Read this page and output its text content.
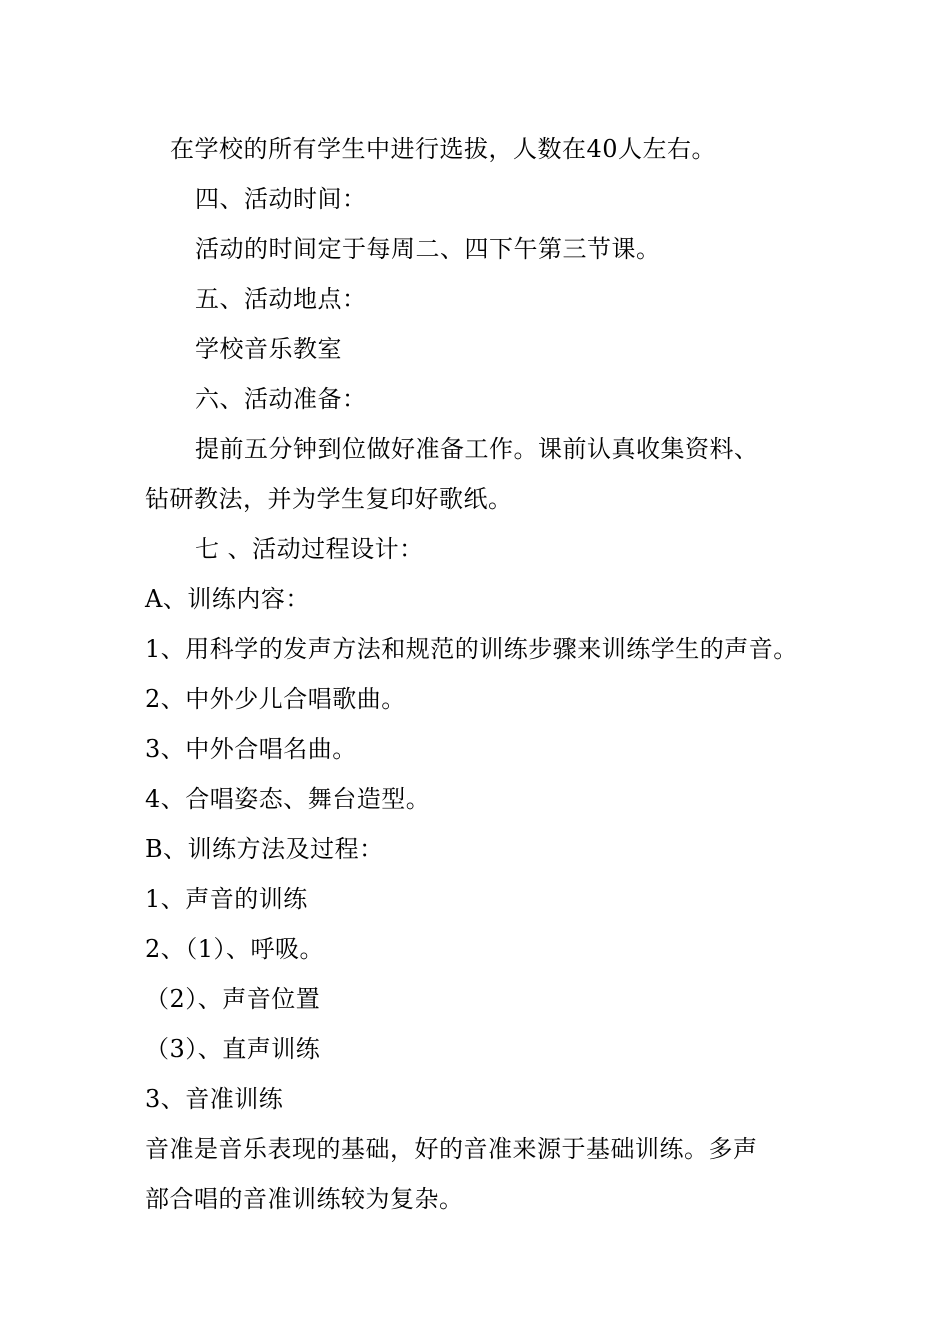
在学校的所有学生中进行选拔，人数在40人左右。
四、活动时间：
活动的时间定于每周二、四下午第三节课。
五、活动地点：
学校音乐教室
六、活动准备：
提前五分钟到位做好准备工作。课前认真收集资料、
钻研教法，并为学生复印好歌纸。
七 、活动过程设计：
A、训练内容：
1、用科学的发声方法和规范的训练步骤来训练学生的声音。
2、中外少儿合唱歌曲。
3、中外合唱名曲。
4、合唱姿态、舞台造型。
B、训练方法及过程：
1、声音的训练
2、（1）、呼吸。
（2）、声音位置
（3）、直声训练
3、音准训练
音准是音乐表现的基础，好的音准来源于基础训练。多声
部合唱的音准训练较为复杂。
